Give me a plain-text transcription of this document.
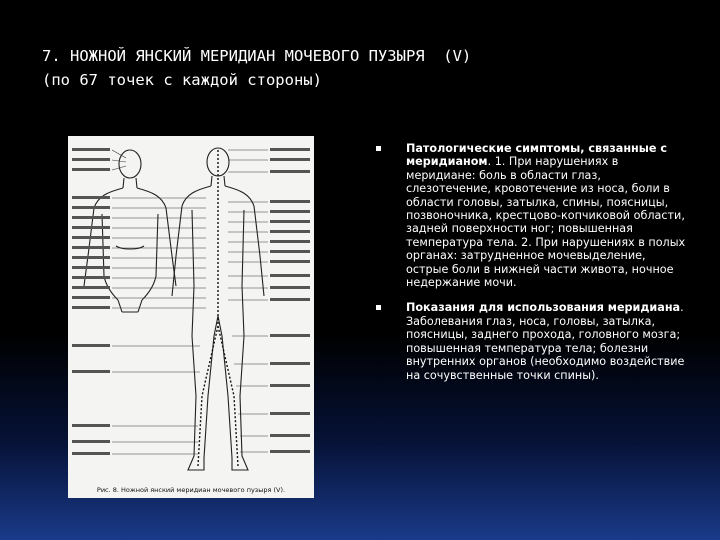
7. НОЖНОЙ ЯНСКИЙ МЕРИДИАН МОЧЕВОГО ПУЗЫРЯ  (V)
(по 67 точек с каждой стороны)
Рис. 8. Ножной янский меридиан мочевого пузыря (V).
Патологические симптомы, связанные с меридианом. 1. При нарушениях в меридиане: боль в области глаз, слезотечение, кровотечение из носа, боли в области головы, затылка, спины, поясницы, позвоночника, крестцово-копчиковой области, задней поверхности ног; повышенная температура тела. 2. При нарушениях в полых органах: затрудненное мочевыделение, острые боли в нижней части живота, ночное недержание мочи.
Показания для использования меридиана. Заболевания глаз, носа, головы, затылка, поясницы, заднего прохода, головного мозга; повышенная температура тела; болезни внутренних органов (необходимо воздействие на сочувственные точки спины).
